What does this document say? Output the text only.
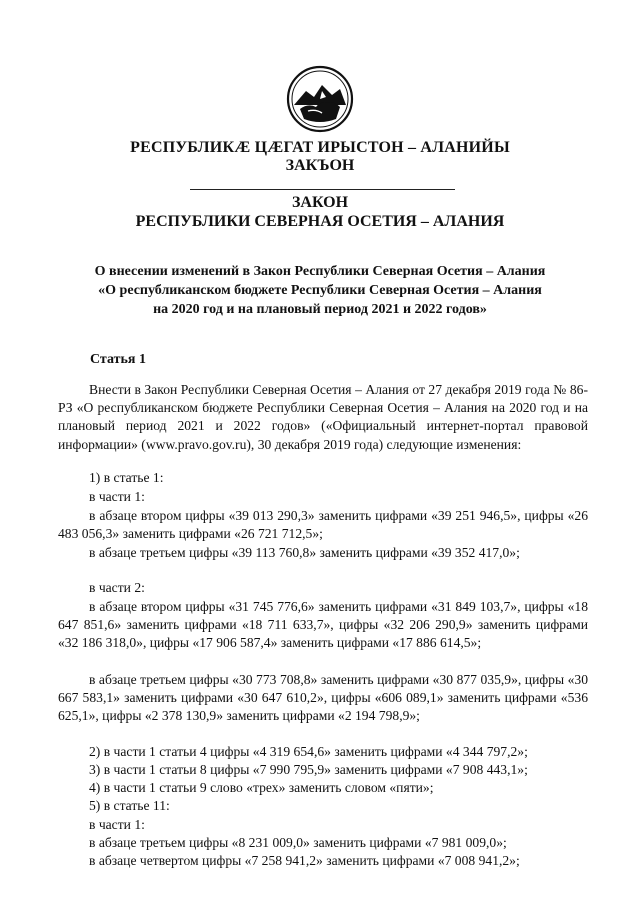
РЕСПУБЛИКӔ ЦӔГАТ ИРЫСТОН – АЛАНИЙЫ
ЗАКЪОН
ЗАКОН
РЕСПУБЛИКИ СЕВЕРНАЯ ОСЕТИЯ – АЛАНИЯ
О внесении изменений в Закон Республики Северная Осетия – Алания
«О республиканском бюджете Республики Северная Осетия – Алания
на 2020 год и на плановый период 2021 и 2022 годов»
Статья 1
Внести в Закон Республики Северная Осетия – Алания от 27 декабря 2019 года № 86-РЗ «О республиканском бюджете Республики Северная Осетия – Алания на 2020 год и на плановый период 2021 и 2022 годов» («Официальный интернет-портал правовой информации» (www.pravo.gov.ru), 30 декабря 2019 года) следующие изменения:
1) в статье 1:
в части 1:
в абзаце втором цифры «39 013 290,3» заменить цифрами «39 251 946,5», цифры «26 483 056,3» заменить цифрами «26 721 712,5»;
в абзаце третьем цифры «39 113 760,8» заменить цифрами «39 352 417,0»;
в части 2:
в абзаце втором цифры «31 745 776,6» заменить цифрами «31 849 103,7», цифры «18 647 851,6» заменить цифрами «18 711 633,7», цифры «32 206 290,9» заменить цифрами «32 186 318,0», цифры «17 906 587,4» заменить цифрами «17 886 614,5»;
в абзаце третьем цифры «30 773 708,8» заменить цифрами «30 877 035,9», цифры «30 667 583,1» заменить цифрами «30 647 610,2», цифры «606 089,1» заменить цифрами «536 625,1», цифры «2 378 130,9» заменить цифрами «2 194 798,9»;
2) в части 1 статьи 4 цифры «4 319 654,6» заменить цифрами «4 344 797,2»;
3) в части 1 статьи 8 цифры «7 990 795,9» заменить цифрами «7 908 443,1»;
4) в части 1 статьи 9 слово «трех» заменить словом «пяти»;
5) в статье 11:
в части 1:
в абзаце третьем цифры «8 231 009,0» заменить цифрами «7 981 009,0»;
в абзаце четвертом цифры «7 258 941,2» заменить цифрами «7 008 941,2»;
